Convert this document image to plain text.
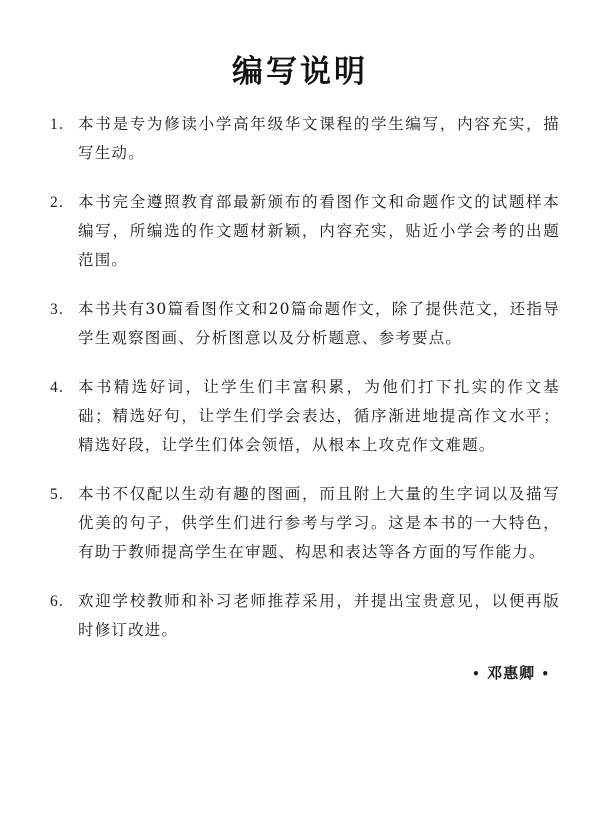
编写说明
1. 本书是专为修读小学高年级华文课程的学生编写，内容充实，描写生动。
2. 本书完全遵照教育部最新颁布的看图作文和命题作文的试题样本编写，所编选的作文题材新颖，内容充实，贴近小学会考的出题范围。
3. 本书共有30篇看图作文和20篇命题作文，除了提供范文，还指导学生观察图画、分析图意以及分析题意、参考要点。
4. 本书精选好词，让学生们丰富积累，为他们打下扎实的作文基础；精选好句，让学生们学会表达，循序渐进地提高作文水平；精选好段，让学生们体会领悟，从根本上攻克作文难题。
5. 本书不仅配以生动有趣的图画，而且附上大量的生字词以及描写优美的句子，供学生们进行参考与学习。这是本书的一大特色，有助于教师提高学生在审题、构思和表达等各方面的写作能力。
6. 欢迎学校教师和补习老师推荐采用，并提出宝贵意见，以便再版时修订改进。
• 邓惠卿 •
